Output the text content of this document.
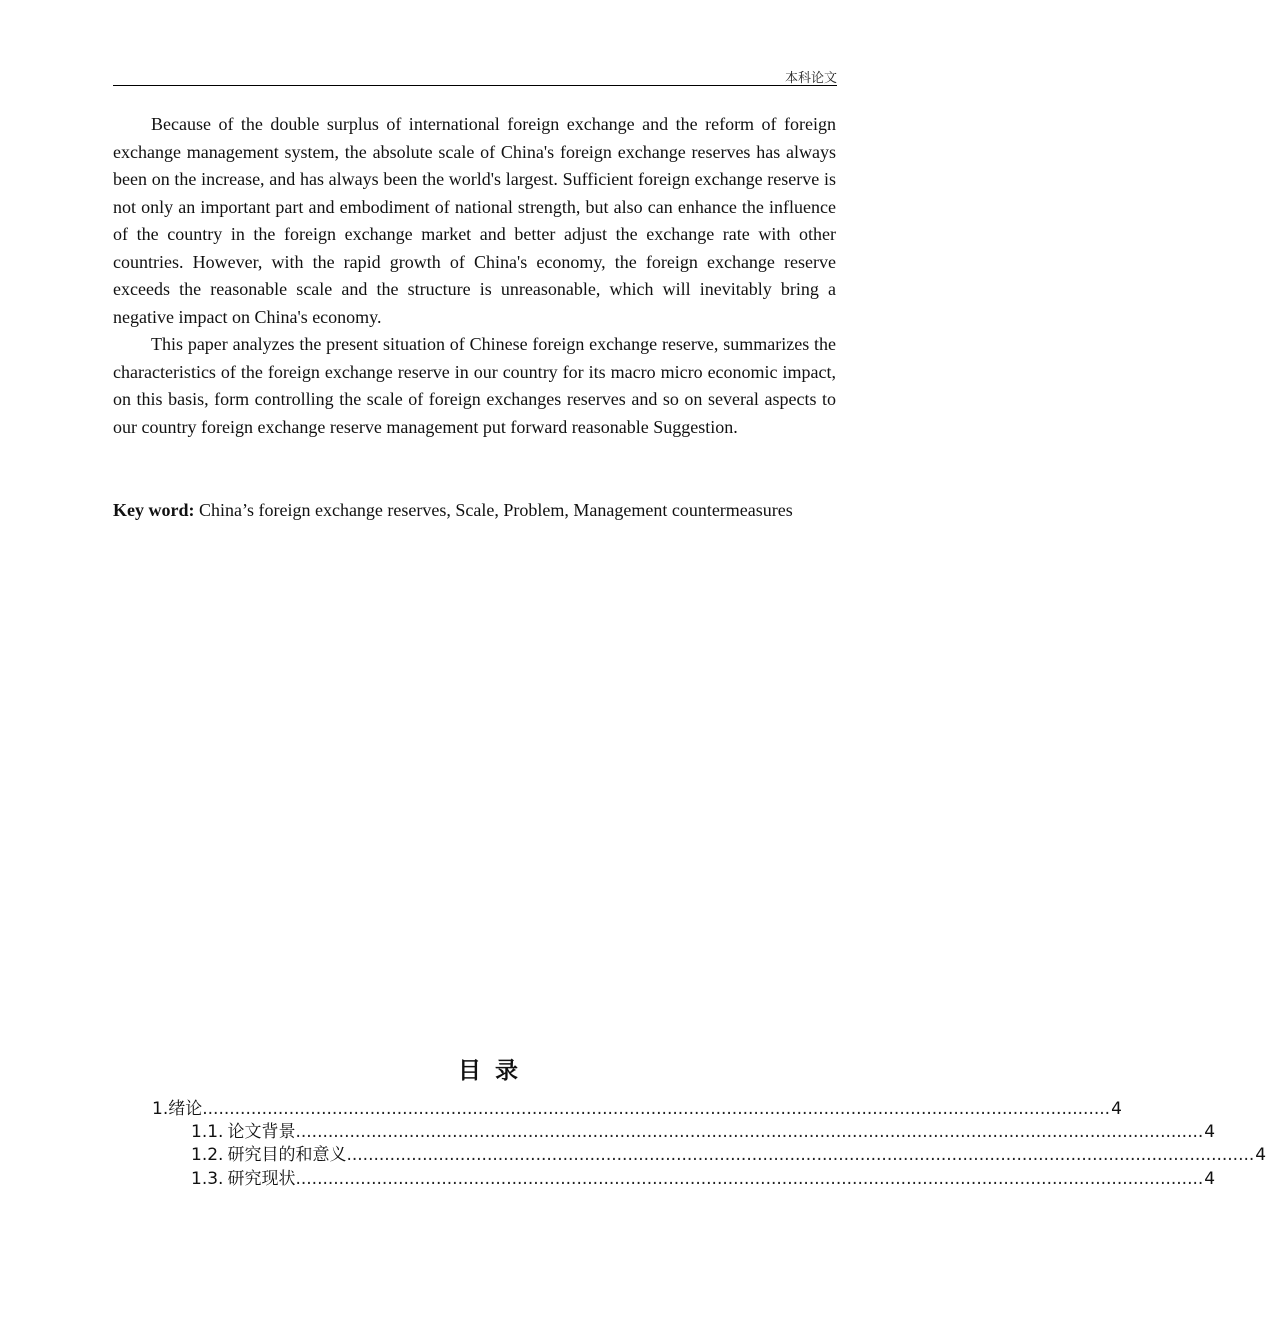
本科论文

Because of the double surplus of international foreign exchange and the reform of foreign exchange management system, the absolute scale of China's foreign exchange reserves has always been on the increase, and has always been the world's largest. Sufficient foreign exchange reserve is not only an important part and embodiment of national strength, but also can enhance the influence of the country in the foreign exchange market and better adjust the exchange rate with other countries. However, with the rapid growth of China's economy, the foreign exchange reserve exceeds the reasonable scale and the structure is unreasonable, which will inevitably bring a negative impact on China's economy.

This paper analyzes the present situation of Chinese foreign exchange reserve, summarizes the characteristics of the foreign exchange reserve in our country for its macro micro economic impact, on this basis, form controlling the scale of foreign exchanges reserves and so on several aspects to our country foreign exchange reserve management put forward reasonable Suggestion.

Key word: China’s foreign exchange reserves, Scale, Problem, Management countermeasures
目录
1. 绪论 ........................................................................................................................................................................ 4
1.1. 论文背景 ........................................................................................................................................................................ 4
1.2. 研究目的和意义 ........................................................................................................................................................................ 4
1.3. 研究现状 ........................................................................................................................................................................ 4
